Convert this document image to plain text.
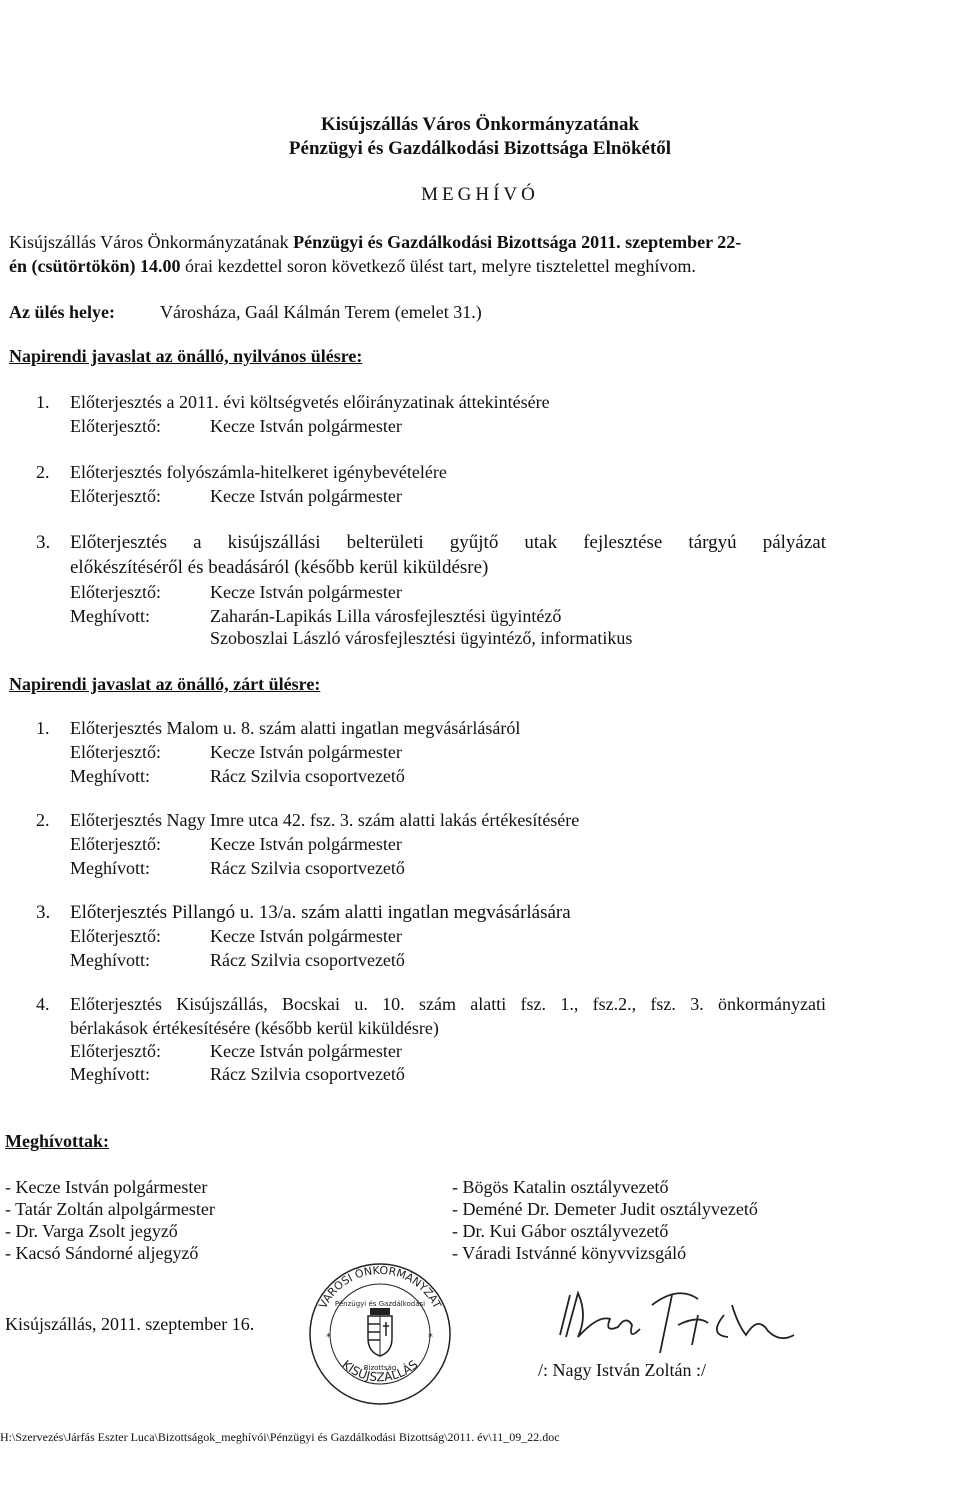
Kisújszállás Város Önkormányzatának
Pénzügyi és Gazdálkodási Bizottsága Elnökétől
MEGHÍVÓ
Kisújszállás Város Önkormányzatának Pénzügyi és Gazdálkodási Bizottsága 2011. szeptember 22-
én (csütörtökön) 14.00 órai kezdettel soron következő ülést tart, melyre tisztelettel meghívom.
Az ülés helye:	Városháza, Gaál Kálmán Terem (emelet 31.)
Napirendi javaslat az önálló, nyilvános ülésre:
1. Előterjesztés a 2011. évi költségvetés előirányzatinak áttekintésére
Előterjesztő:	Kecze István polgármester
2. Előterjesztés folyószámla-hitelkeret igénybevételére
Előterjesztő:	Kecze István polgármester
3. Előterjesztés a kisújszállási belterületi gyűjtő utak fejlesztése tárgyú pályázat
előkészítéséről és beadásáról (később kerül kiküldésre)
Előterjesztő:	Kecze István polgármester
Meghívott:	Zaharán-Lapikás Lilla városfejlesztési ügyintéző
Szoboszlai László városfejlesztési ügyintéző, informatikus
Napirendi javaslat az önálló, zárt ülésre:
1. Előterjesztés Malom u. 8. szám alatti ingatlan megvásárlásáról
Előterjesztő:	Kecze István polgármester
Meghívott:	Rácz Szilvia csoportvezető
2. Előterjesztés Nagy Imre utca 42. fsz. 3. szám alatti lakás értékesítésére
Előterjesztő:	Kecze István polgármester
Meghívott:	Rácz Szilvia csoportvezető
3. Előterjesztés Pillangó u. 13/a. szám alatti ingatlan megvásárlására
Előterjesztő:	Kecze István polgármester
Meghívott:	Rácz Szilvia csoportvezető
4. Előterjesztés Kisújszállás, Bocskai u. 10. szám alatti fsz. 1., fsz.2., fsz. 3. önkormányzati
bérlakások értékesítésére (később kerül kiküldésre)
Előterjesztő:	Kecze István polgármester
Meghívott:	Rácz Szilvia csoportvezető
Meghívottak:
- Kecze István polgármester
- Tatár Zoltán alpolgármester
- Dr. Varga Zsolt jegyző
- Kacsó Sándorné aljegyző
- Bögös Katalin osztályvezető
- Deméné Dr. Demeter Judit osztályvezető
- Dr. Kui Gábor osztályvezető
- Váradi Istvánné könyvvizsgáló
Kisújszállás, 2011. szeptember 16.
VÁROSI ÖNKORMÁNYZAT
KISÚJSZÁLLÁS
Pénzügyi és Gazdálkodási
Bizottság
*	*
/: Nagy István Zoltán :/
H:\Szervezés\Járfás Eszter Luca\Bizottságok_meghívói\Pénzügyi és Gazdálkodási Bizottság\2011. év\11_09_22.doc
